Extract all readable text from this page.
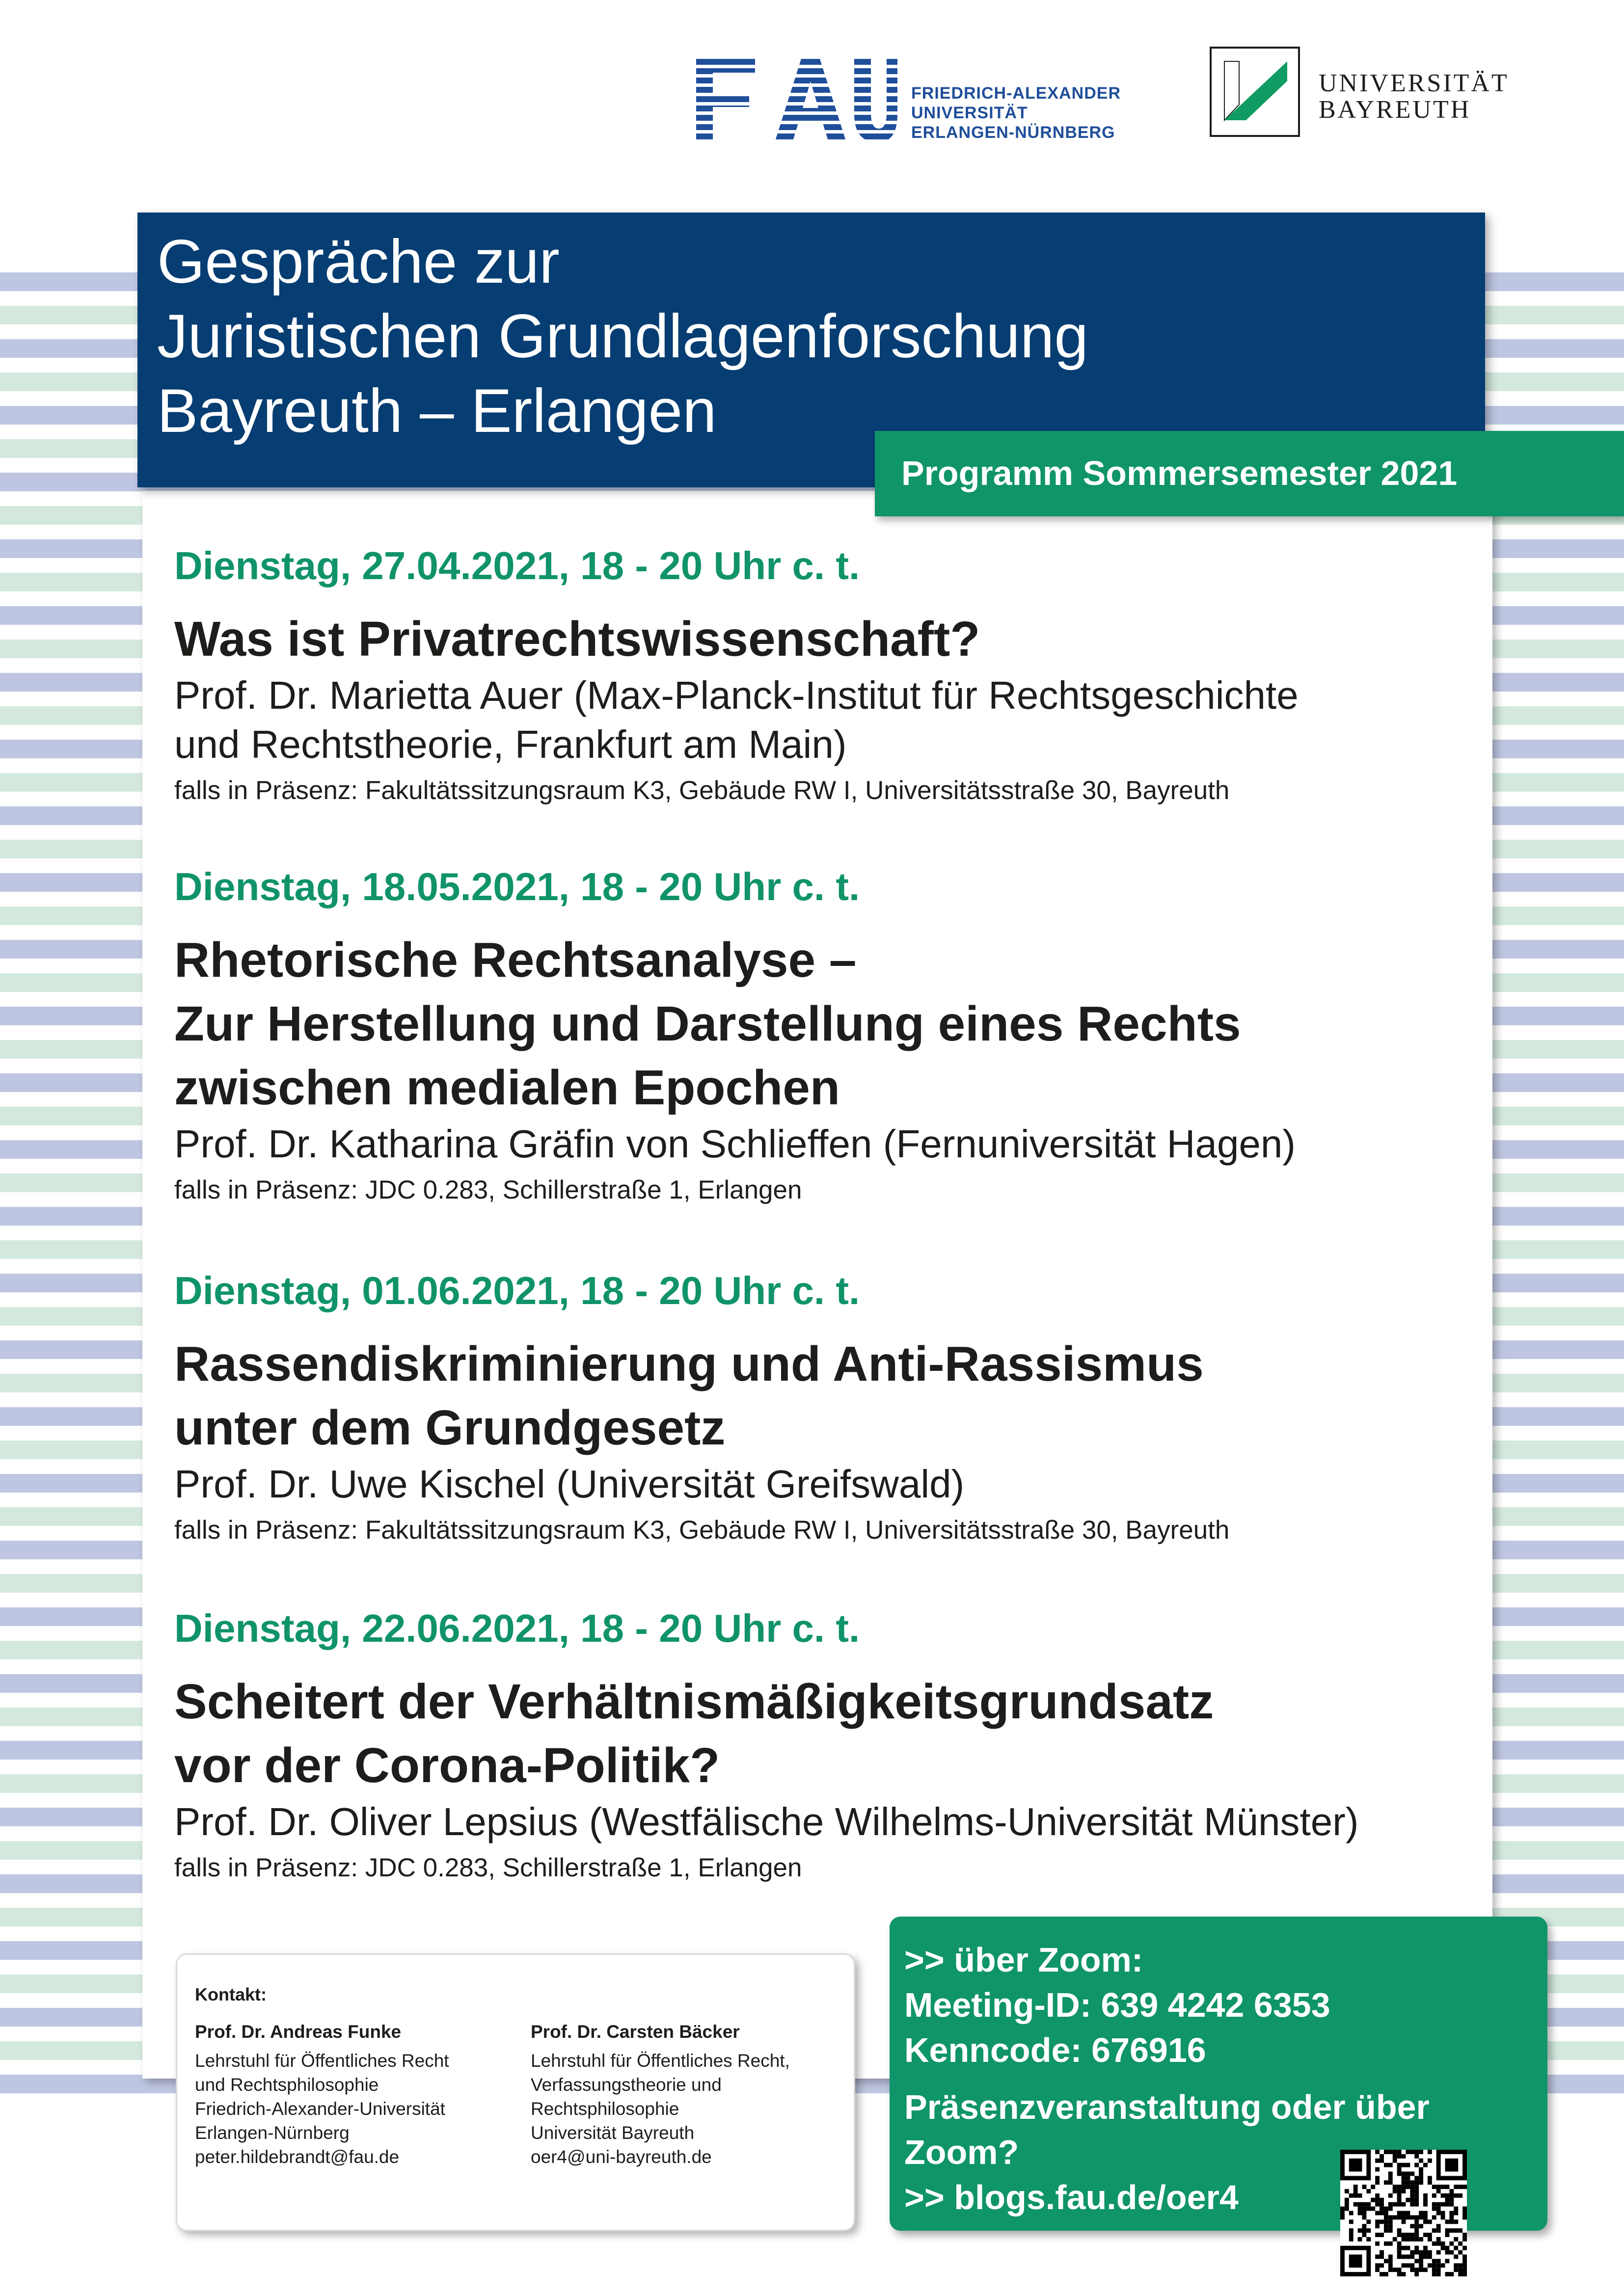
FRIEDRICH-ALEXANDER
UNIVERSITÄT
ERLANGEN-NÜRNBERG
UNIVERSITÄT
BAYREUTH
Gespräche zur
Juristischen Grundlagenforschung
Bayreuth – Erlangen
Programm Sommersemester 2021
Dienstag, 27.04.2021, 18 - 20 Uhr c. t.
Was ist Privatrechtswissenschaft?
Prof. Dr. Marietta Auer (Max-Planck-Institut für Rechtsgeschichte
und Rechtstheorie, Frankfurt am Main)
falls in Präsenz: Fakultätssitzungsraum K3, Gebäude RW I, Universitätsstraße 30, Bayreuth
Dienstag, 18.05.2021, 18 - 20 Uhr c. t.
Rhetorische Rechtsanalyse –
Zur Herstellung und Darstellung eines Rechts
zwischen medialen Epochen
Prof. Dr. Katharina Gräfin von Schlieffen (Fernuniversität Hagen)
falls in Präsenz: JDC 0.283, Schillerstraße 1, Erlangen
Dienstag, 01.06.2021, 18 - 20 Uhr c. t.
Rassendiskriminierung und Anti-Rassismus
unter dem Grundgesetz
Prof. Dr. Uwe Kischel (Universität Greifswald)
falls in Präsenz: Fakultätssitzungsraum K3, Gebäude RW I, Universitätsstraße 30, Bayreuth
Dienstag, 22.06.2021, 18 - 20 Uhr c. t.
Scheitert der Verhältnismäßigkeitsgrundsatz
vor der Corona-Politik?
Prof. Dr. Oliver Lepsius (Westfälische Wilhelms-Universität Münster)
falls in Präsenz: JDC 0.283, Schillerstraße 1, Erlangen
Kontakt:
Prof. Dr. Andreas Funke
Lehrstuhl für Öffentliches Recht
und Rechtsphilosophie
Friedrich-Alexander-Universität
Erlangen-Nürnberg
peter.hildebrandt@fau.de
Prof. Dr. Carsten Bäcker
Lehrstuhl für Öffentliches Recht,
Verfassungstheorie und
Rechtsphilosophie
Universität Bayreuth
oer4@uni-bayreuth.de
>> über Zoom:
Meeting-ID: 639 4242 6353
Kenncode: 676916
Präsenzveranstaltung oder über
Zoom?
>> blogs.fau.de/oer4
